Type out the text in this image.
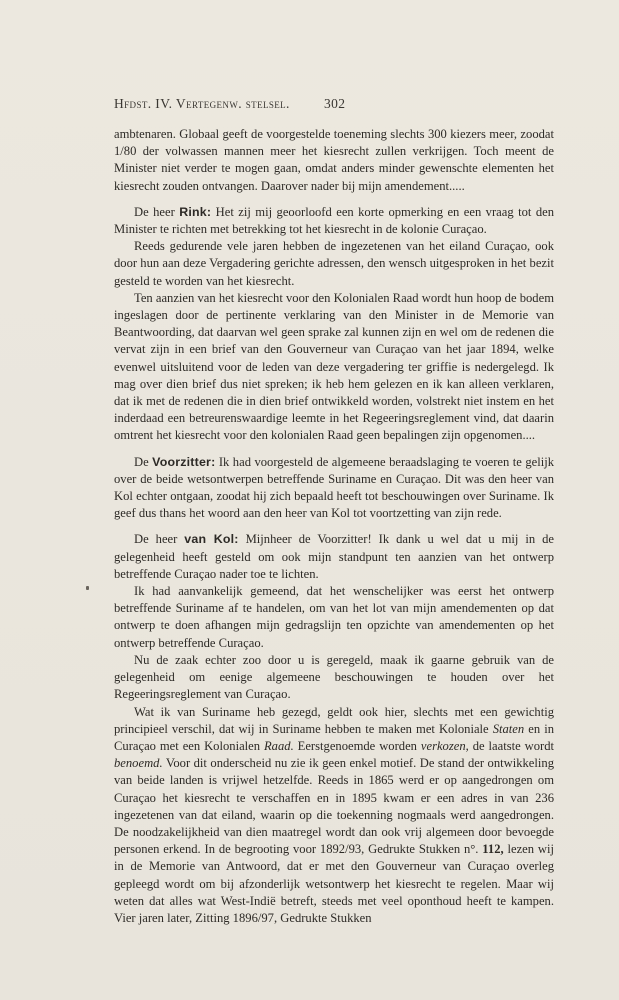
Hfdst. IV. Vertegenw. stelsel.	302

ambtenaren. Globaal geeft de voorgestelde toeneming slechts 300 kiezers meer, zoodat 1/80 der volwassen mannen meer het kiesrecht zullen verkrijgen. Toch meent de Minister niet verder te mogen gaan, omdat anders minder gewenschte elementen het kiesrecht zouden ontvangen. Daarover nader bij mijn amendement.....

De heer Rink: Het zij mij geoorloofd een korte opmerking en een vraag tot den Minister te richten met betrekking tot het kiesrecht in de kolonie Curaçao.

Reeds gedurende vele jaren hebben de ingezetenen van het eiland Curaçao, ook door hun aan deze Vergadering gerichte adressen, den wensch uitgesproken in het bezit gesteld te worden van het kiesrecht.

Ten aanzien van het kiesrecht voor den Kolonialen Raad wordt hun hoop de bodem ingeslagen door de pertinente verklaring van den Minister in de Memorie van Beantwoording, dat daarvan wel geen sprake zal kunnen zijn en wel om de redenen die vervat zijn in een brief van den Gouverneur van Curaçao van het jaar 1894, welke evenwel uitsluitend voor de leden van deze vergadering ter griffie is nedergelegd. Ik mag over dien brief dus niet spreken; ik heb hem gelezen en ik kan alleen verklaren, dat ik met de redenen die in dien brief ontwikkeld worden, volstrekt niet instem en het inderdaad een betreurenswaardige leemte in het Regeeringsreglement vind, dat daarin omtrent het kiesrecht voor den kolonialen Raad geen bepalingen zijn opgenomen....

De Voorzitter: Ik had voorgesteld de algemeene beraadslaging te voeren te gelijk over de beide wetsontwerpen betreffende Suriname en Curaçao. Dit was den heer van Kol echter ontgaan, zoodat hij zich bepaald heeft tot beschouwingen over Suriname. Ik geef dus thans het woord aan den heer van Kol tot voortzetting van zijn rede.

De heer van Kol: Mijnheer de Voorzitter! Ik dank u wel dat u mij in de gelegenheid heeft gesteld om ook mijn standpunt ten aanzien van het ontwerp betreffende Curaçao nader toe te lichten.

Ik had aanvankelijk gemeend, dat het wenschelijker was eerst het ontwerp betreffende Suriname af te handelen, om van het lot van mijn amendementen op dat ontwerp te doen afhangen mijn gedragslijn ten opzichte van amendementen op het ontwerp betreffende Curaçao.

Nu de zaak echter zoo door u is geregeld, maak ik gaarne gebruik van de gelegenheid om eenige algemeene beschouwingen te houden over het Regeeringsreglement van Curaçao.

Wat ik van Suriname heb gezegd, geldt ook hier, slechts met een gewichtig principieel verschil, dat wij in Suriname hebben te maken met Koloniale Staten en in Curaçao met een Kolonialen Raad. Eerstgenoemde worden verkozen, de laatste wordt benoemd. Voor dit onderscheid nu zie ik geen enkel motief. De stand der ontwikkeling van beide landen is vrijwel hetzelfde. Reeds in 1865 werd er op aangedrongen om Curaçao het kiesrecht te verschaffen en in 1895 kwam er een adres in van 236 ingezetenen van dat eiland, waarin op die toekenning nogmaals werd aangedrongen. De noodzakelijkheid van dien maatregel wordt dan ook vrij algemeen door bevoegde personen erkend. In de begrooting voor 1892/93, Gedrukte Stukken n°. 112, lezen wij in de Memorie van Antwoord, dat er met den Gouverneur van Curaçao overleg gepleegd wordt om bij afzonderlijk wetsontwerp het kiesrecht te regelen. Maar wij weten dat alles wat West-Indië betreft, steeds met veel oponthoud heeft te kampen. Vier jaren later, Zitting 1896/97, Gedrukte Stukken
